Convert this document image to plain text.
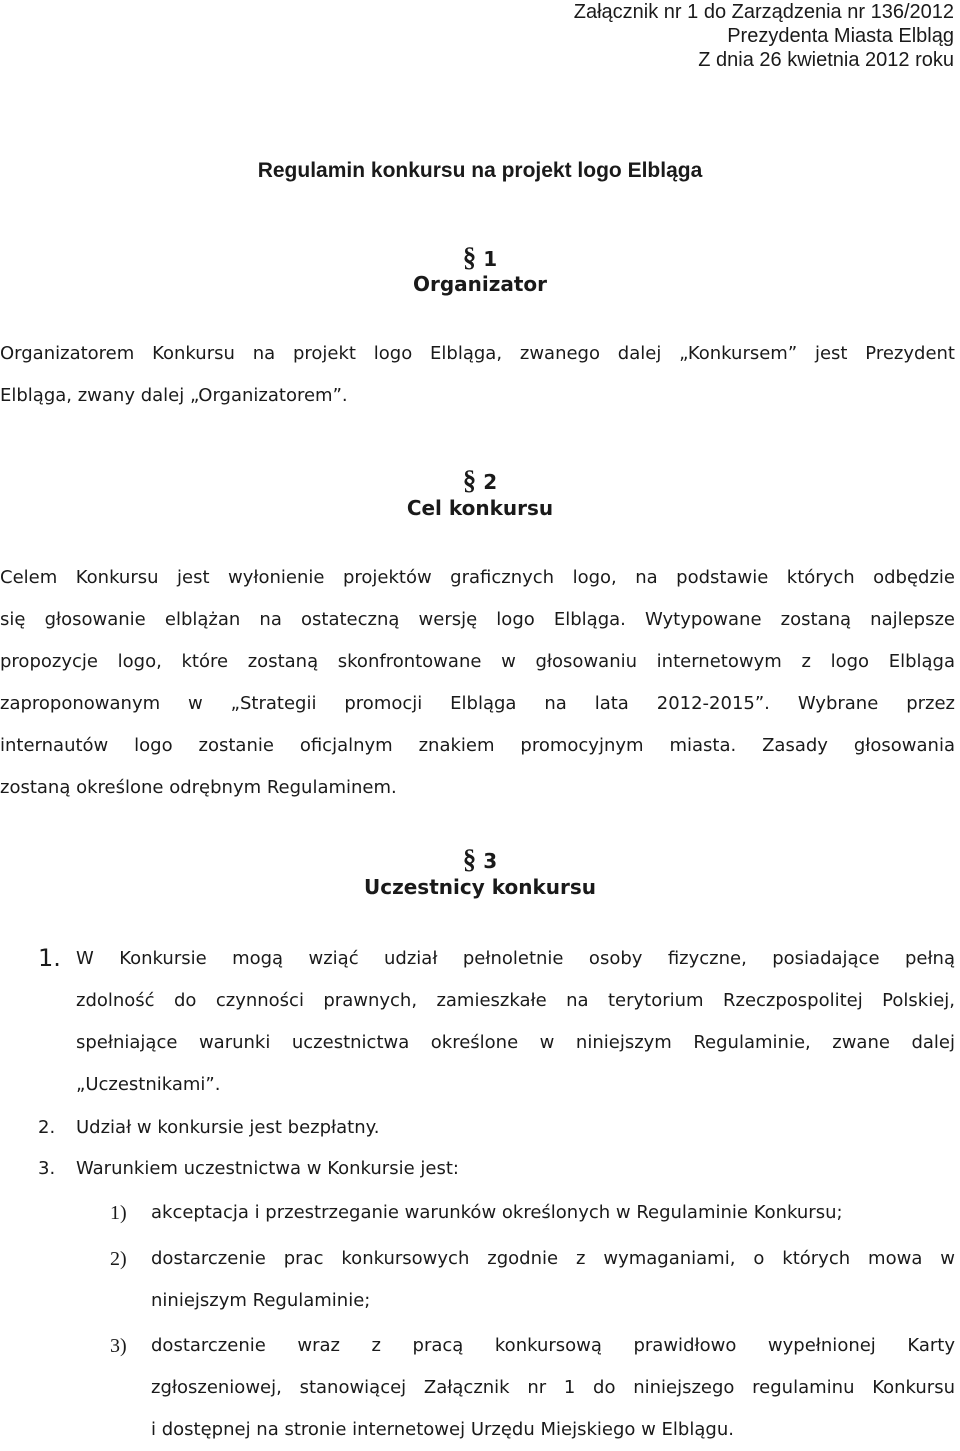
Załącznik nr 1 do Zarządzenia nr 136/2012
Prezydenta Miasta Elbląg
Z dnia 26 kwietnia 2012 roku
Regulamin konkursu na projekt logo Elbląga
§ 1
Organizator
Organizatorem Konkursu na projekt logo Elbląga, zwanego dalej „Konkursem” jest Prezydent
Elbląga, zwany dalej „Organizatorem”.
§ 2
Cel konkursu
Celem Konkursu jest wyłonienie projektów graficznych logo, na podstawie których odbędzie
się głosowanie elblążan na ostateczną wersję logo Elbląga. Wytypowane zostaną najlepsze
propozycje logo, które zostaną skonfrontowane w głosowaniu internetowym z logo Elbląga
zaproponowanym w „Strategii promocji Elbląga na lata 2012-2015”. Wybrane przez
internautów logo zostanie oficjalnym znakiem promocyjnym miasta. Zasady głosowania
zostaną określone odrębnym Regulaminem.
§ 3
Uczestnicy konkursu
1. W Konkursie mogą wziąć udział pełnoletnie osoby fizyczne, posiadające pełną
zdolność do czynności prawnych, zamieszkałe na terytorium Rzeczpospolitej Polskiej,
spełniające warunki uczestnictwa określone w niniejszym Regulaminie, zwane dalej
„Uczestnikami”.
2. Udział w konkursie jest bezpłatny.
3. Warunkiem uczestnictwa w Konkursie jest:
1) akceptacja i przestrzeganie warunków określonych w Regulaminie Konkursu;
2) dostarczenie prac konkursowych zgodnie z wymaganiami, o których mowa w
niniejszym Regulaminie;
3) dostarczenie wraz z pracą konkursową prawidłowo wypełnionej Karty
zgłoszeniowej, stanowiącej Załącznik nr 1 do niniejszego regulaminu Konkursu
i dostępnej na stronie internetowej Urzędu Miejskiego w Elblągu.
